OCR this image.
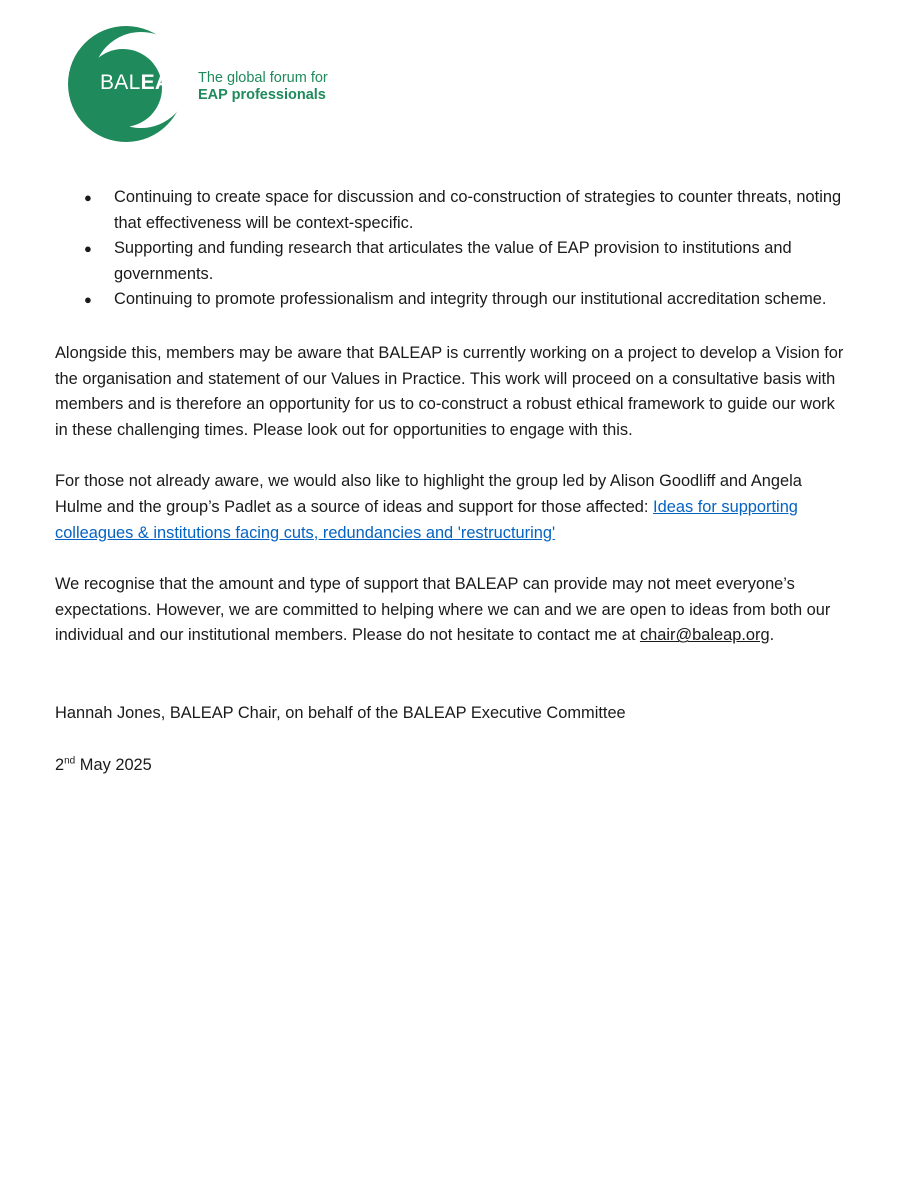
BALEAP The global forum for
EAP professionals
● Continuing to create space for discussion and co-construction of strategies to counter threats, noting that effectiveness will be context-specific.
● Supporting and funding research that articulates the value of EAP provision to institutions and governments.
● Continuing to promote professionalism and integrity through our institutional accreditation scheme.

Alongside this, members may be aware that BALEAP is currently working on a project to develop a Vision for the organisation and statement of our Values in Practice. This work will proceed on a consultative basis with members and is therefore an opportunity for us to co-construct a robust ethical framework to guide our work in these challenging times. Please look out for opportunities to engage with this.

For those not already aware, we would also like to highlight the group led by Alison Goodliff and Angela Hulme and the group’s Padlet as a source of ideas and support for those affected: Ideas for supporting colleagues & institutions facing cuts, redundancies and 'restructuring'

We recognise that the amount and type of support that BALEAP can provide may not meet everyone’s expectations. However, we are committed to helping where we can and we are open to ideas from both our individual and our institutional members. Please do not hesitate to contact me at chair@baleap.org.

Hannah Jones, BALEAP Chair, on behalf of the BALEAP Executive Committee

2nd May 2025
